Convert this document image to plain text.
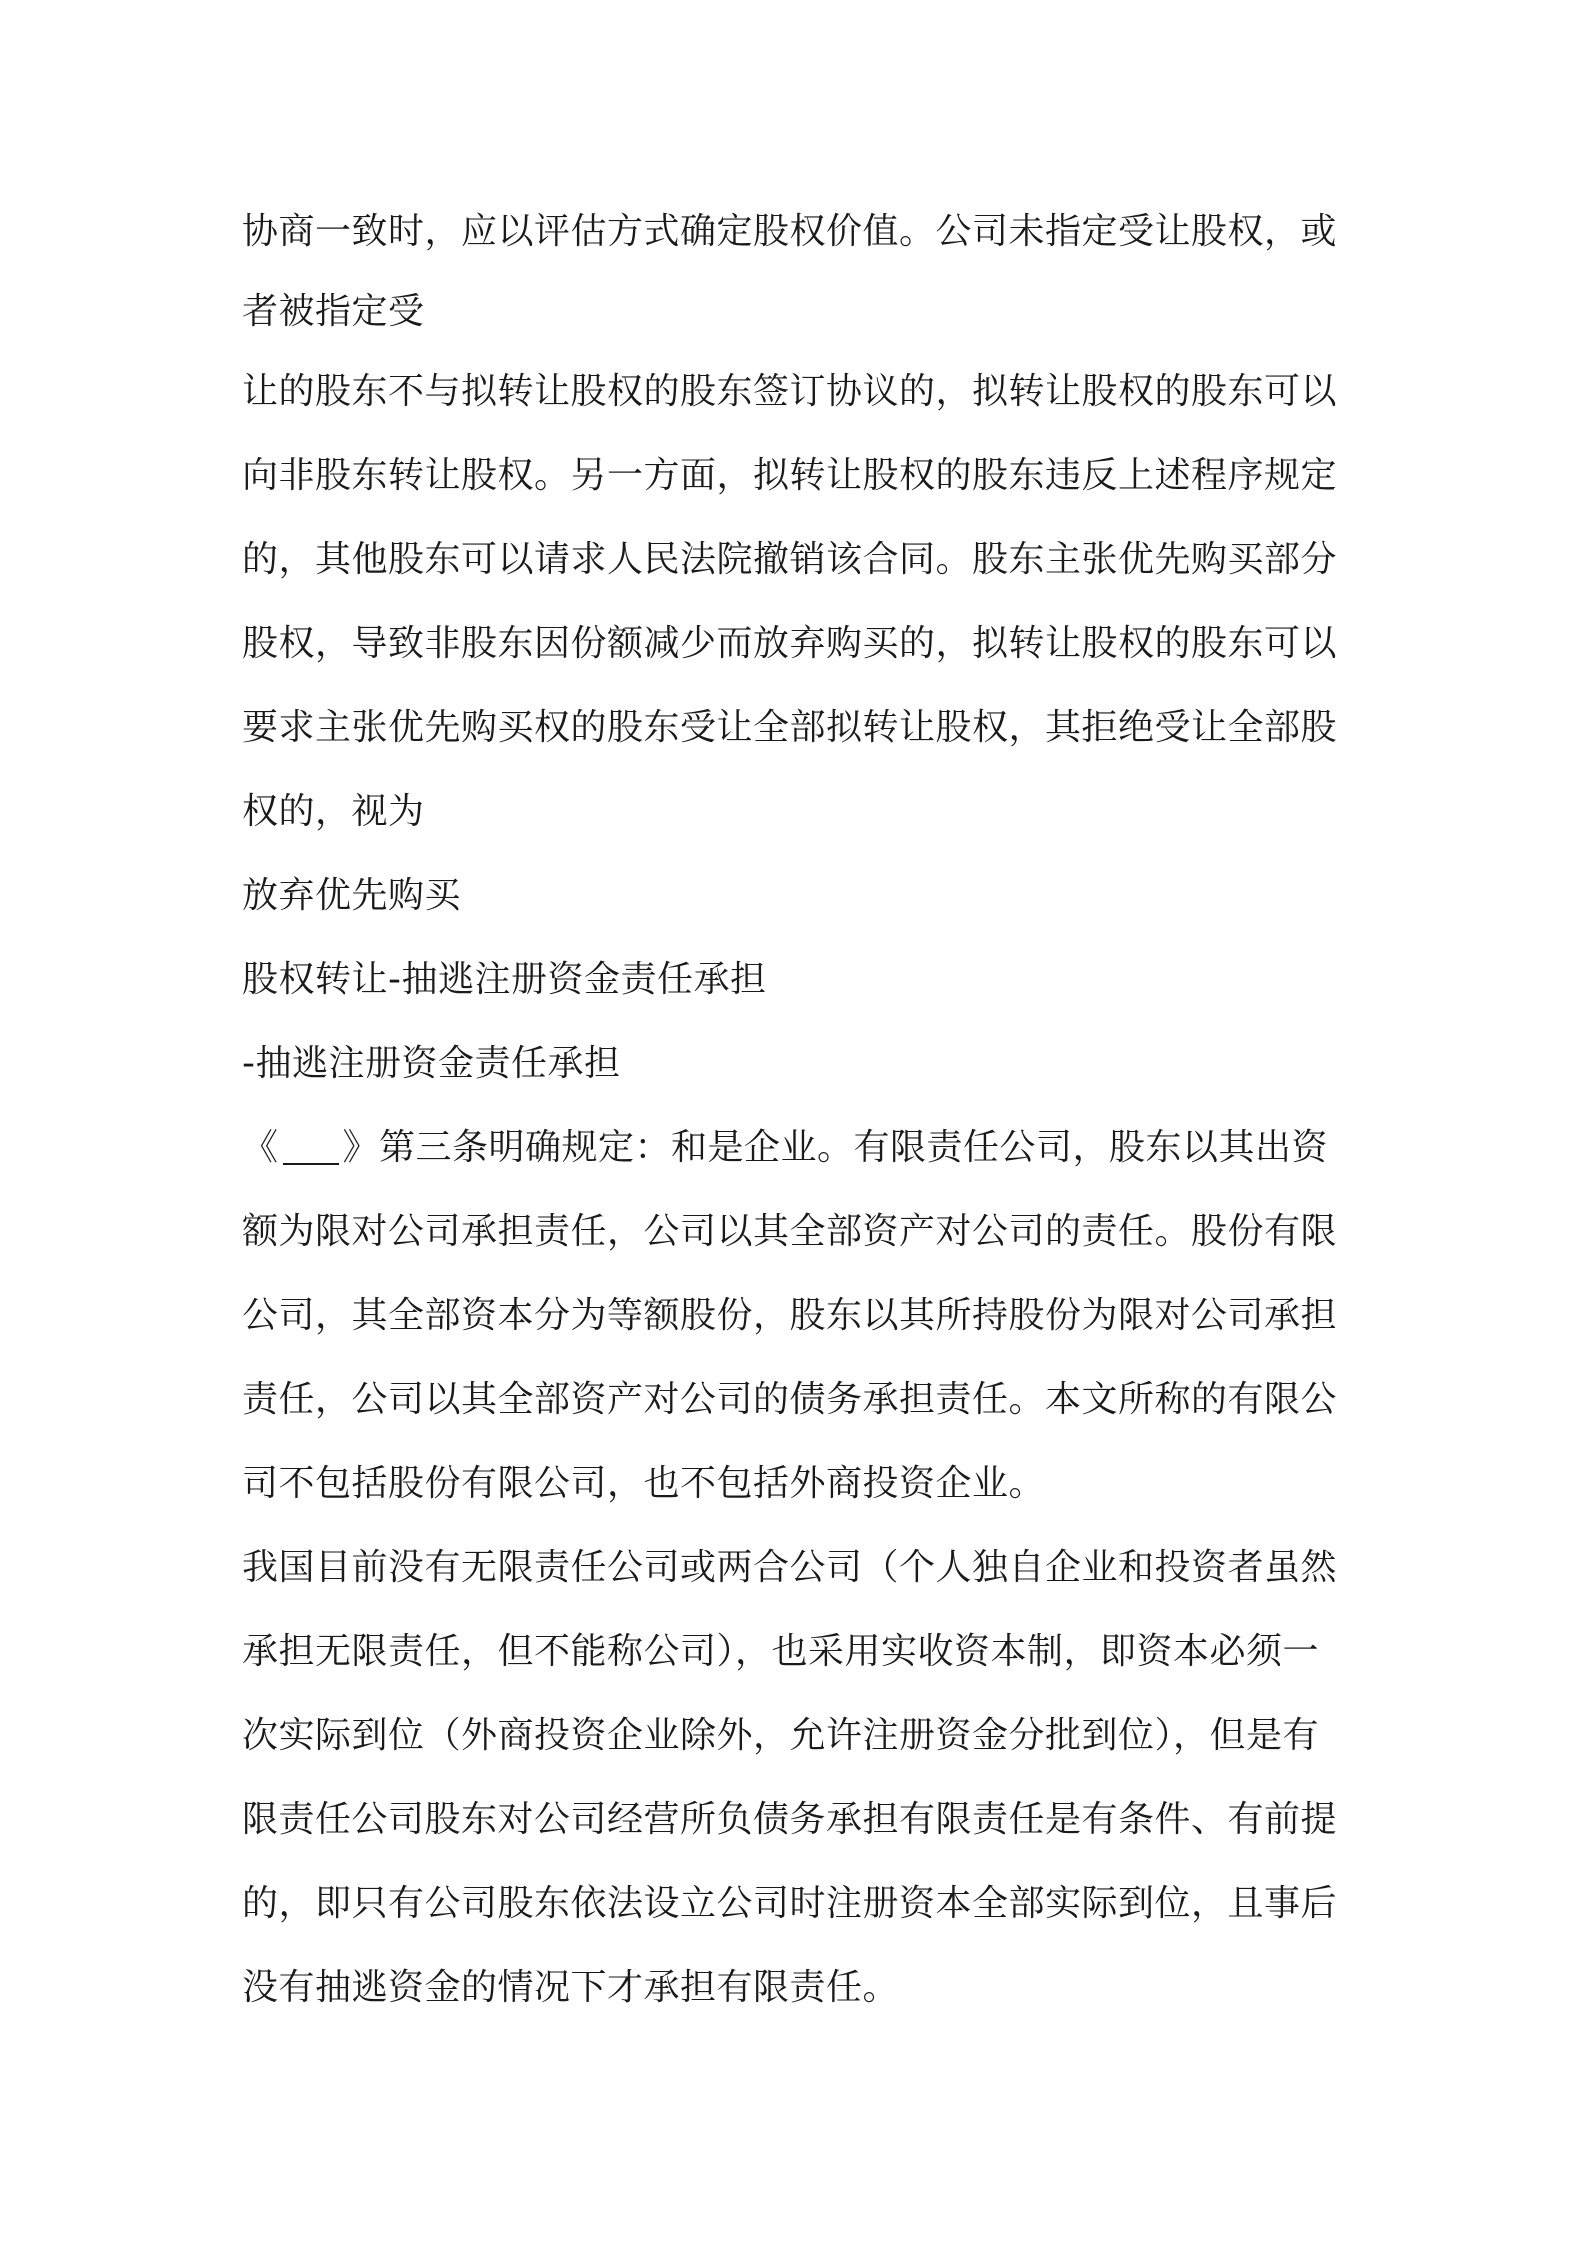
协商一致时，应以评估方式确定股权价值。公司未指定受让股权，或
者被指定受
让的股东不与拟转让股权的股东签订协议的，拟转让股权的股东可以
向非股东转让股权。另一方面，拟转让股权的股东违反上述程序规定
的，其他股东可以请求人民法院撤销该合同。股东主张优先购买部分
股权，导致非股东因份额减少而放弃购买的，拟转让股权的股东可以
要求主张优先购买权的股东受让全部拟转让股权，其拒绝受让全部股
权的，视为
放弃优先购买
股权转让-抽逃注册资金责任承担
-抽逃注册资金责任承担
《 》第三条明确规定：和是企业。有限责任公司，股东以其出资
额为限对公司承担责任，公司以其全部资产对公司的责任。股份有限
公司，其全部资本分为等额股份，股东以其所持股份为限对公司承担
责任，公司以其全部资产对公司的债务承担责任。本文所称的有限公
司不包括股份有限公司，也不包括外商投资企业。
我国目前没有无限责任公司或两合公司（个人独自企业和投资者虽然
承担无限责任，但不能称公司），也采用实收资本制，即资本必须一
次实际到位（外商投资企业除外，允许注册资金分批到位），但是有
限责任公司股东对公司经营所负债务承担有限责任是有条件、有前提
的，即只有公司股东依法设立公司时注册资本全部实际到位，且事后
没有抽逃资金的情况下才承担有限责任。
